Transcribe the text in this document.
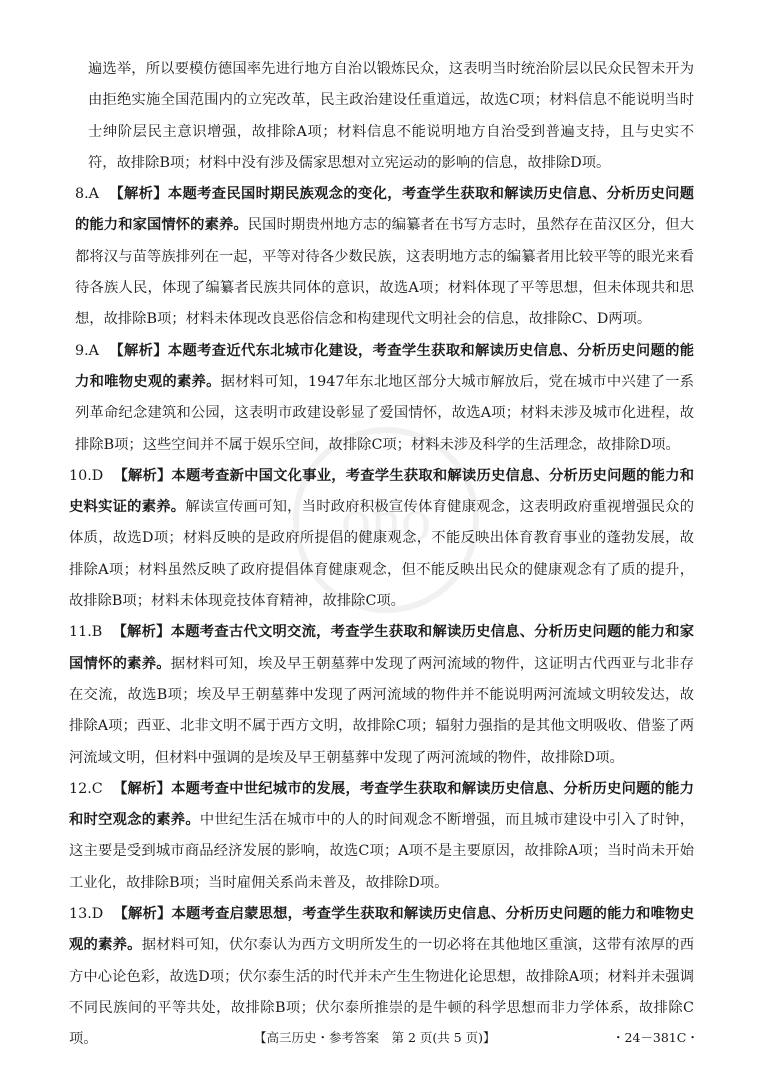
ono

遍选举，所以要模仿德国率先进行地方自治以锻炼民众，这表明当时统治阶层以民众民智未开为由拒绝实施全国范围内的立宪改革，民主政治建设任重道远，故选C项；材料信息不能说明当时士绅阶层民主意识增强，故排除A项；材料信息不能说明地方自治受到普遍支持，且与史实不符，故排除B项；材料中没有涉及儒家思想对立宪运动的影响的信息，故排除D项。

8.A 【解析】本题考查民国时期民族观念的变化，考查学生获取和解读历史信息、分析历史问题的能力和家国情怀的素养。民国时期贵州地方志的编纂者在书写方志时，虽然存在苗汉区分，但大都将汉与苗等族排列在一起，平等对待各少数民族，这表明地方志的编纂者用比较平等的眼光来看待各族人民，体现了编纂者民族共同体的意识，故选A项；材料体现了平等思想，但未体现共和思想，故排除B项；材料未体现改良恶俗信念和构建现代文明社会的信息，故排除C、D两项。

9.A 【解析】本题考查近代东北城市化建设，考查学生获取和解读历史信息、分析历史问题的能力和唯物史观的素养。据材料可知，1947年东北地区部分大城市解放后，党在城市中兴建了一系列革命纪念建筑和公园，这表明市政建设彰显了爱国情怀，故选A项；材料未涉及城市化进程，故排除B项；这些空间并不属于娱乐空间，故排除C项；材料未涉及科学的生活理念，故排除D项。

10.D 【解析】本题考查新中国文化事业，考查学生获取和解读历史信息、分析历史问题的能力和史料实证的素养。解读宣传画可知，当时政府积极宣传体育健康观念，这表明政府重视增强民众的体质，故选D项；材料反映的是政府所提倡的健康观念，不能反映出体育教育事业的蓬勃发展，故排除A项；材料虽然反映了政府提倡体育健康观念，但不能反映出民众的健康观念有了质的提升，故排除B项；材料未体现竞技体育精神，故排除C项。

11.B 【解析】本题考查古代文明交流，考查学生获取和解读历史信息、分析历史问题的能力和家国情怀的素养。据材料可知，埃及早王朝墓葬中发现了两河流域的物件，这证明古代西亚与北非存在交流，故选B项；埃及早王朝墓葬中发现了两河流域的物件并不能说明两河流域文明较发达，故排除A项；西亚、北非文明不属于西方文明，故排除C项；辐射力强指的是其他文明吸收、借鉴了两河流域文明，但材料中强调的是埃及早王朝墓葬中发现了两河流域的物件，故排除D项。

12.C 【解析】本题考查中世纪城市的发展，考查学生获取和解读历史信息、分析历史问题的能力和时空观念的素养。中世纪生活在城市中的人的时间观念不断增强，而且城市建设中引入了时钟，这主要是受到城市商品经济发展的影响，故选C项；A项不是主要原因，故排除A项；当时尚未开始工业化，故排除B项；当时雇佣关系尚未普及，故排除D项。

13.D 【解析】本题考查启蒙思想，考查学生获取和解读历史信息、分析历史问题的能力和唯物史观的素养。据材料可知，伏尔泰认为西方文明所发生的一切必将在其他地区重演，这带有浓厚的西方中心论色彩，故选D项；伏尔泰生活的时代并未产生生物进化论思想，故排除A项；材料并未强调不同民族间的平等共处，故排除B项；伏尔泰所推崇的是牛顿的科学思想而非力学体系，故排除C项。	【高三历史・参考答案　第 2 页(共 5 页)】	・24－381C・
